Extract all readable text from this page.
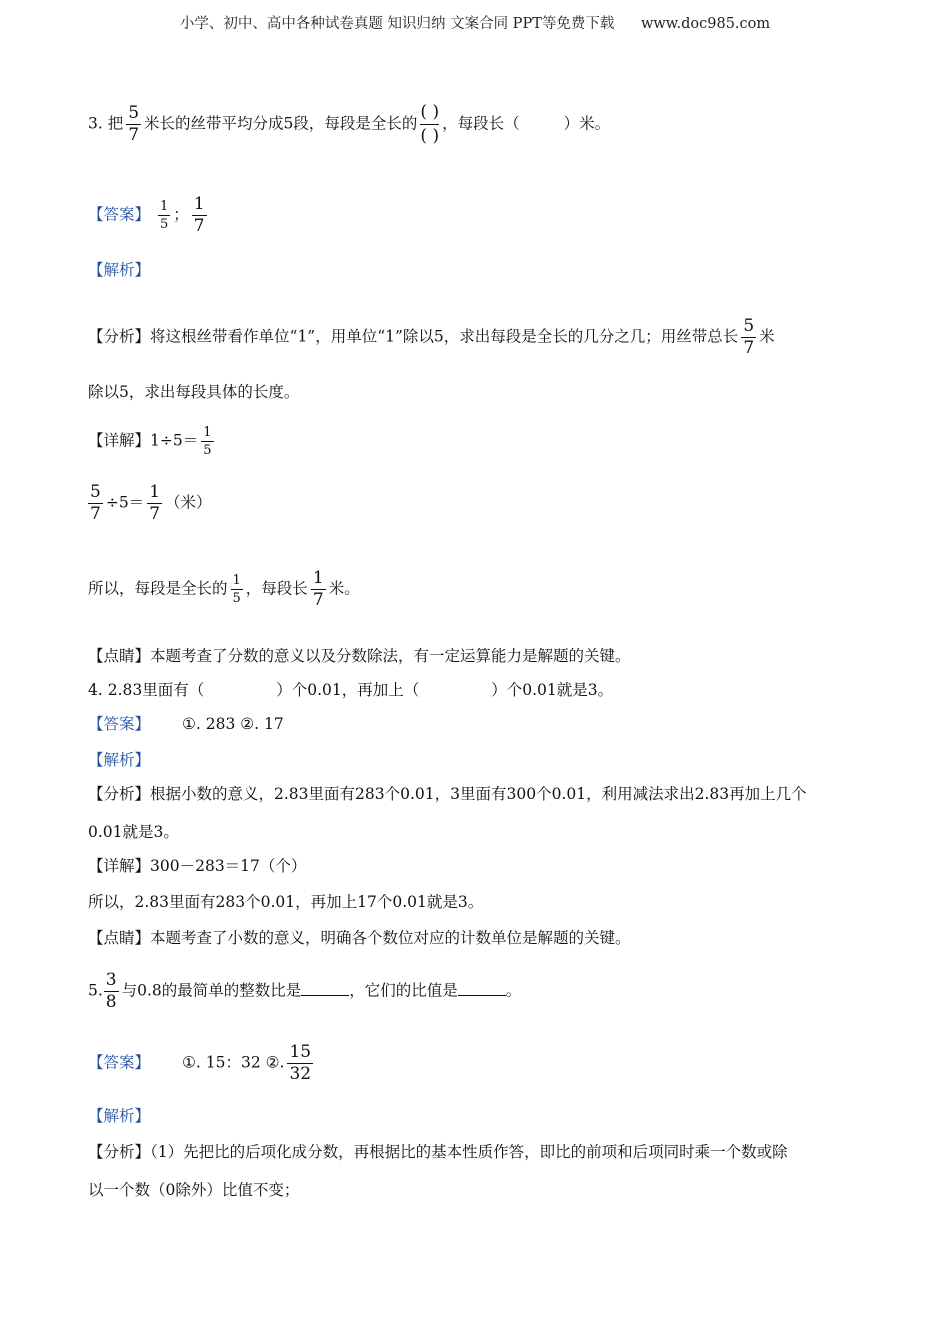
小学、初中、高中各种试卷真题 知识归纳 文案合同 PPT等免费下载 www.doc985.com
3. 把 $\frac{5}{7}$ 米长的丝带平均分成5段，每段是全长的 $\frac{( )}{( )}$ ，每段长（	）米。
【答案】 $\frac{1}{5}$ ； $\frac{1}{7}$
【解析】
【分析】将这根丝带看作单位“1”，用单位“1”除以5，求出每段是全长的几分之几；用丝带总长 $\frac{5}{7}$ 米
除以5，求出每段具体的长度。
【详解】$1\div 5= \frac{1}{5}$
$\frac{5}{7} \div 5= \frac{1}{7}$ （米）
所以，每段是全长的 $\frac{1}{5}$ ，每段长 $\frac{1}{7}$ 米。
【点睛】本题考查了分数的意义以及分数除法，有一定运算能力是解题的关键。
4. 2.83里面有（	）个0.01，再加上（	）个0.01就是3。
【答案】 ①. 283 ②. 17
【解析】
【分析】根据小数的意义，2.83里面有283个0.01，3里面有300个0.01，利用减法求出2.83再加上几个
0.01就是3。
【详解】300－283＝17（个）
所以，2.83里面有283个0.01，再加上17个0.01就是3。
【点睛】本题考查了小数的意义，明确各个数位对应的计数单位是解题的关键。
5. $\frac{3}{8}$ 与0.8的最简单的整数比是	，它们的比值是	。
【答案】 ①. 15：32 ②. $\frac{15}{32}$
【解析】
【分析】（1）先把比的后项化成分数，再根据比的基本性质作答，即比的前项和后项同时乘一个数或除
以一个数（0除外）比值不变；
